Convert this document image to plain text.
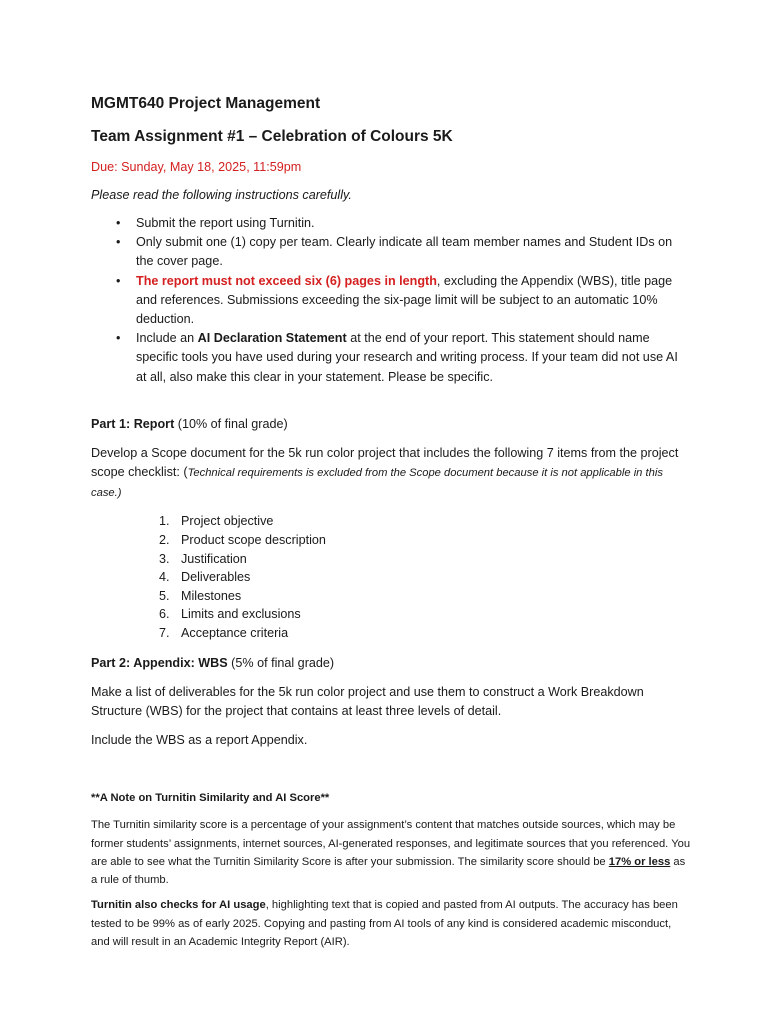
MGMT640 Project Management

Team Assignment #1 – Celebration of Colours 5K

Due: Sunday, May 18, 2025, 11:59pm

Please read the following instructions carefully.

• Submit the report using Turnitin.
• Only submit one (1) copy per team. Clearly indicate all team member names and Student IDs on the cover page.
• The report must not exceed six (6) pages in length, excluding the Appendix (WBS), title page and references. Submissions exceeding the six-page limit will be subject to an automatic 10% deduction.
• Include an AI Declaration Statement at the end of your report. This statement should name specific tools you have used during your research and writing process. If your team did not use AI at all, also make this clear in your statement. Please be specific.

Part 1: Report (10% of final grade)

Develop a Scope document for the 5k run color project that includes the following 7 items from the project scope checklist: (Technical requirements is excluded from the Scope document because it is not applicable in this case.)

1. Project objective
2. Product scope description
3. Justification
4. Deliverables
5. Milestones
6. Limits and exclusions
7. Acceptance criteria

Part 2: Appendix: WBS (5% of final grade)

Make a list of deliverables for the 5k run color project and use them to construct a Work Breakdown Structure (WBS) for the project that contains at least three levels of detail.

Include the WBS as a report Appendix.

**A Note on Turnitin Similarity and AI Score**

The Turnitin similarity score is a percentage of your assignment’s content that matches outside sources, which may be former students’ assignments, internet sources, AI-generated responses, and legitimate sources that you referenced. You are able to see what the Turnitin Similarity Score is after your submission. The similarity score should be 17% or less as a rule of thumb.

Turnitin also checks for AI usage, highlighting text that is copied and pasted from AI outputs. The accuracy has been tested to be 99% as of early 2025. Copying and pasting from AI tools of any kind is considered academic misconduct, and will result in an Academic Integrity Report (AIR).
